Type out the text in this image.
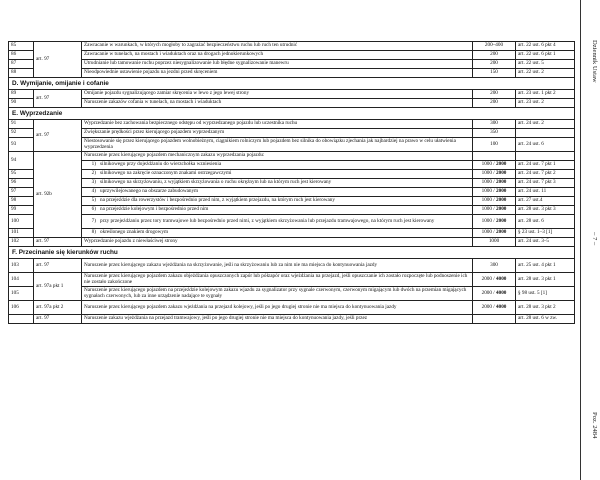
Dziennik Ustaw
– 7 –
Poz. 2484
85	art. 97	Zawracanie w warunkach, w których mogłoby to zagrażać bezpieczeństwu ruchu lub ruch ten utrudnić	200–400	art. 22 ust. 6 pkt 4
86		Zawracanie w tunelach, na mostach i wiaduktach oraz na drogach jednokierunkowych	200	art. 22 ust. 6 pkt 1
87		Utrudnianie lub tamowanie ruchu poprzez niesygnalizowanie lub błędne sygnalizowanie manewru	200	art. 22 ust. 5
88		Nieodpowiednie ustawienie pojazdu na jezdni przed skręceniem	150	art. 22 ust. 2
D. Wymijanie, omijanie i cofanie				
89	art. 97	Omijanie pojazdu sygnalizującego zamiar skręcenia w lewo z jego lewej strony	200	art. 23 ust. 1 pkt 2
90		Naruszenie zakazów cofania w tunelach, na mostach i wiaduktach	200	art. 23 ust. 2
E. Wyprzedzanie				
91	art. 97	Wyprzedzanie bez zachowania bezpiecznego odstępu od wyprzedzanego pojazdu lub uczestnika ruchu	300	art. 24 ust. 2
92		Zwiększanie prędkości przez kierującego pojazdem wyprzedzanym	350	
93		Niestosowanie się przez kierującego pojazdem wolnobieżnym, ciągnikiem rolniczym lub pojazdem bez silnika do obowiązku zjechania jak najbardziej na prawo w celu ułatwienia wyprzedzenia	100	art. 24 ust. 6
94	art. 92b	Naruszenie przez kierującego pojazdem mechanicznym zakazu wyprzedzania pojazdu:		

		1) silnikowego przy dojeżdżaniu do wierzchołka wzniesienia	1000 / 2000	art. 24 ust. 7 pkt 1
95		2) silnikowego na zakręcie oznaczonym znakami ostrzegawczymi	1000 / 2000	art. 24 ust. 7 pkt 2
96		3) silnikowego na skrzyżowaniu, z wyjątkiem skrzyżowania o ruchu okrężnym lub na którym ruch jest kierowany	1000 / 2000	art. 24 ust. 7 pkt 3
97		4) uprzywilejowanego na obszarze zabudowanym	1000 / 2000	art. 24 ust. 11
98		5) na przejeździe dla rowerzystów i bezpośrednio przed nim, z wyjątkiem przejazdu, na którym ruch jest kierowany	1000 / 2000	art. 27 ust.4
99		6) na przejeździe kolejowym i bezpośrednio przed nim	1000 / 2000	art. 28 ust. 3 pkt 3
100		7) przy przejeżdżaniu przez tory tramwajowe lub bezpośrednio przed nimi, z wyjątkiem skrzyżowania lub przejazdu tramwajowego, na którym ruch jest kierowany	1000 / 2000	art. 28 ust. 6
101		8) określonego znakiem drogowym	1000 / 2000	§ 23 ust. 1–3 [1]
102	art. 97	Wyprzedzanie pojazdu z niewłaściwej strony	1000	art. 24 ust. 3–5
F. Przecinanie się kierunków ruchu				
103	art. 97	Naruszenie przez kierującego zakazu wjeżdżania na skrzyżowanie, jeśli na skrzyżowaniu lub za nim nie ma miejsca do kontynuowania jazdy	300	art. 25 ust. 4 pkt 1
104	art. 97a pkt 1	Naruszenie przez kierującego pojazdem zakazu objeżdżania opuszczonych zapór lub półzapór oraz wjeżdżania na przejazd, jeśli opuszczanie ich zostało rozpoczęte lub podnoszenie ich nie zostało zakończone	2000 / 4000	art. 28 ust. 3 pkt 1
105		Naruszenie przez kierującego pojazdem na przejeździe kolejowym zakazu wjazdu za sygnalizator przy sygnale czerwonym, czerwonym migającym lub dwóch na przemian migających sygnałach czerwonych, lub za inne urządzenie nadające te sygnały	2000 / 4000	§ 98 ust. 5 [1]
106	art. 97a pkt 2	Naruszenie przez kierującego pojazdem zakazu wjeżdżania na przejazd kolejowy, jeśli po jego drugiej stronie nie ma miejsca do kontynuowania jazdy	2000 / 4000	art. 28 ust. 3 pkt 2
	art. 97	Naruszenie zakazu wjeżdżania na przejazd tramwajowy, jeśli po jego drugiej stronie nie ma miejsca do kontynuowania jazdy, jeśli przez		art. 28 ust. 6 w zw.
